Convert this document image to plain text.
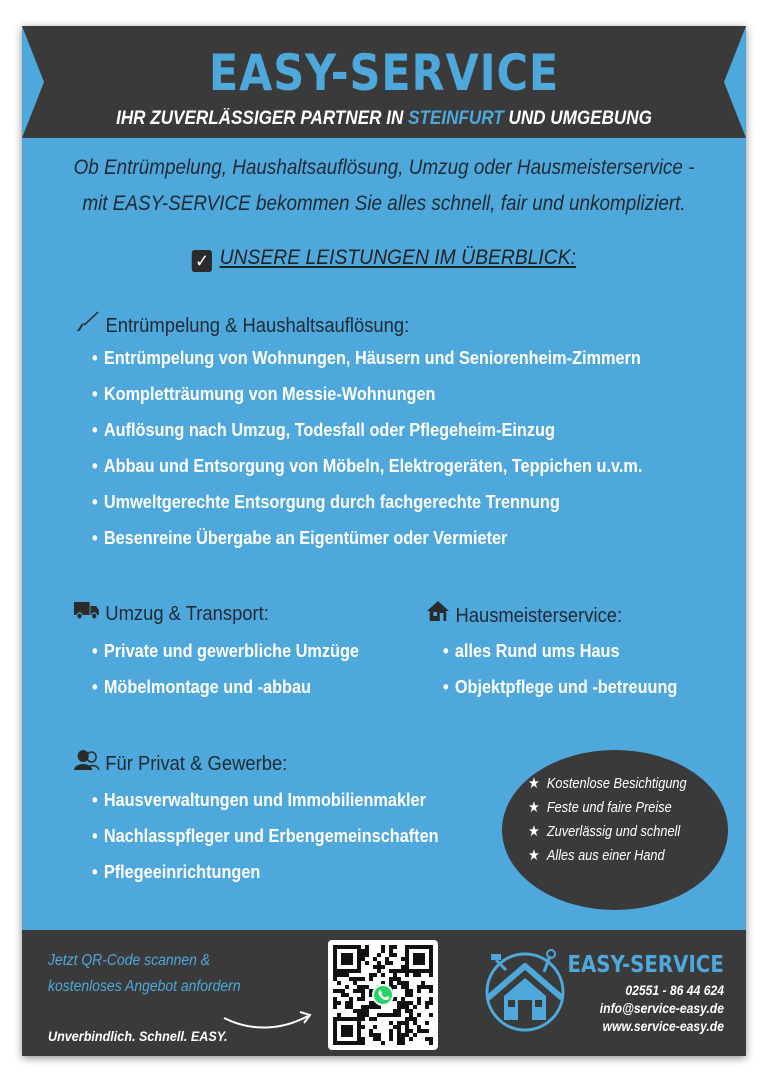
EASY-SERVICE
IHR ZUVERLÄSSIGER PARTNER IN STEINFURT UND UMGEBUNG
Ob Entrümpelung, Haushaltsauflösung, Umzug oder Hausmeisterservice -
mit EASY-SERVICE bekommen Sie alles schnell, fair und unkompliziert.
✓ UNSERE LEISTUNGEN IM ÜBERBLICK:
Entrümpelung & Haushaltsauflösung:
• Entrümpelung von Wohnungen, Häusern und Seniorenheim-Zimmern
• Kompletträumung von Messie-Wohnungen
• Auflösung nach Umzug, Todesfall oder Pflegeheim-Einzug
• Abbau und Entsorgung von Möbeln, Elektrogeräten, Teppichen u.v.m.
• Umweltgerechte Entsorgung durch fachgerechte Trennung
• Besenreine Übergabe an Eigentümer oder Vermieter
Umzug & Transport:
• Private und gewerbliche Umzüge
• Möbelmontage und -abbau
Hausmeisterservice:
• alles Rund ums Haus
• Objektpflege und -betreuung
Für Privat & Gewerbe:
• Hausverwaltungen und Immobilienmakler
• Nachlasspfleger und Erbengemeinschaften
• Pflegeeinrichtungen
★ Kostenlose Besichtigung
★ Feste und faire Preise
★ Zuverlässig und schnell
★ Alles aus einer Hand
Jetzt QR-Code scannen &
kostenloses Angebot anfordern
Unverbindlich. Schnell. EASY.
EASY-SERVICE
02551 - 86 44 624
info@service-easy.de
www.service-easy.de
